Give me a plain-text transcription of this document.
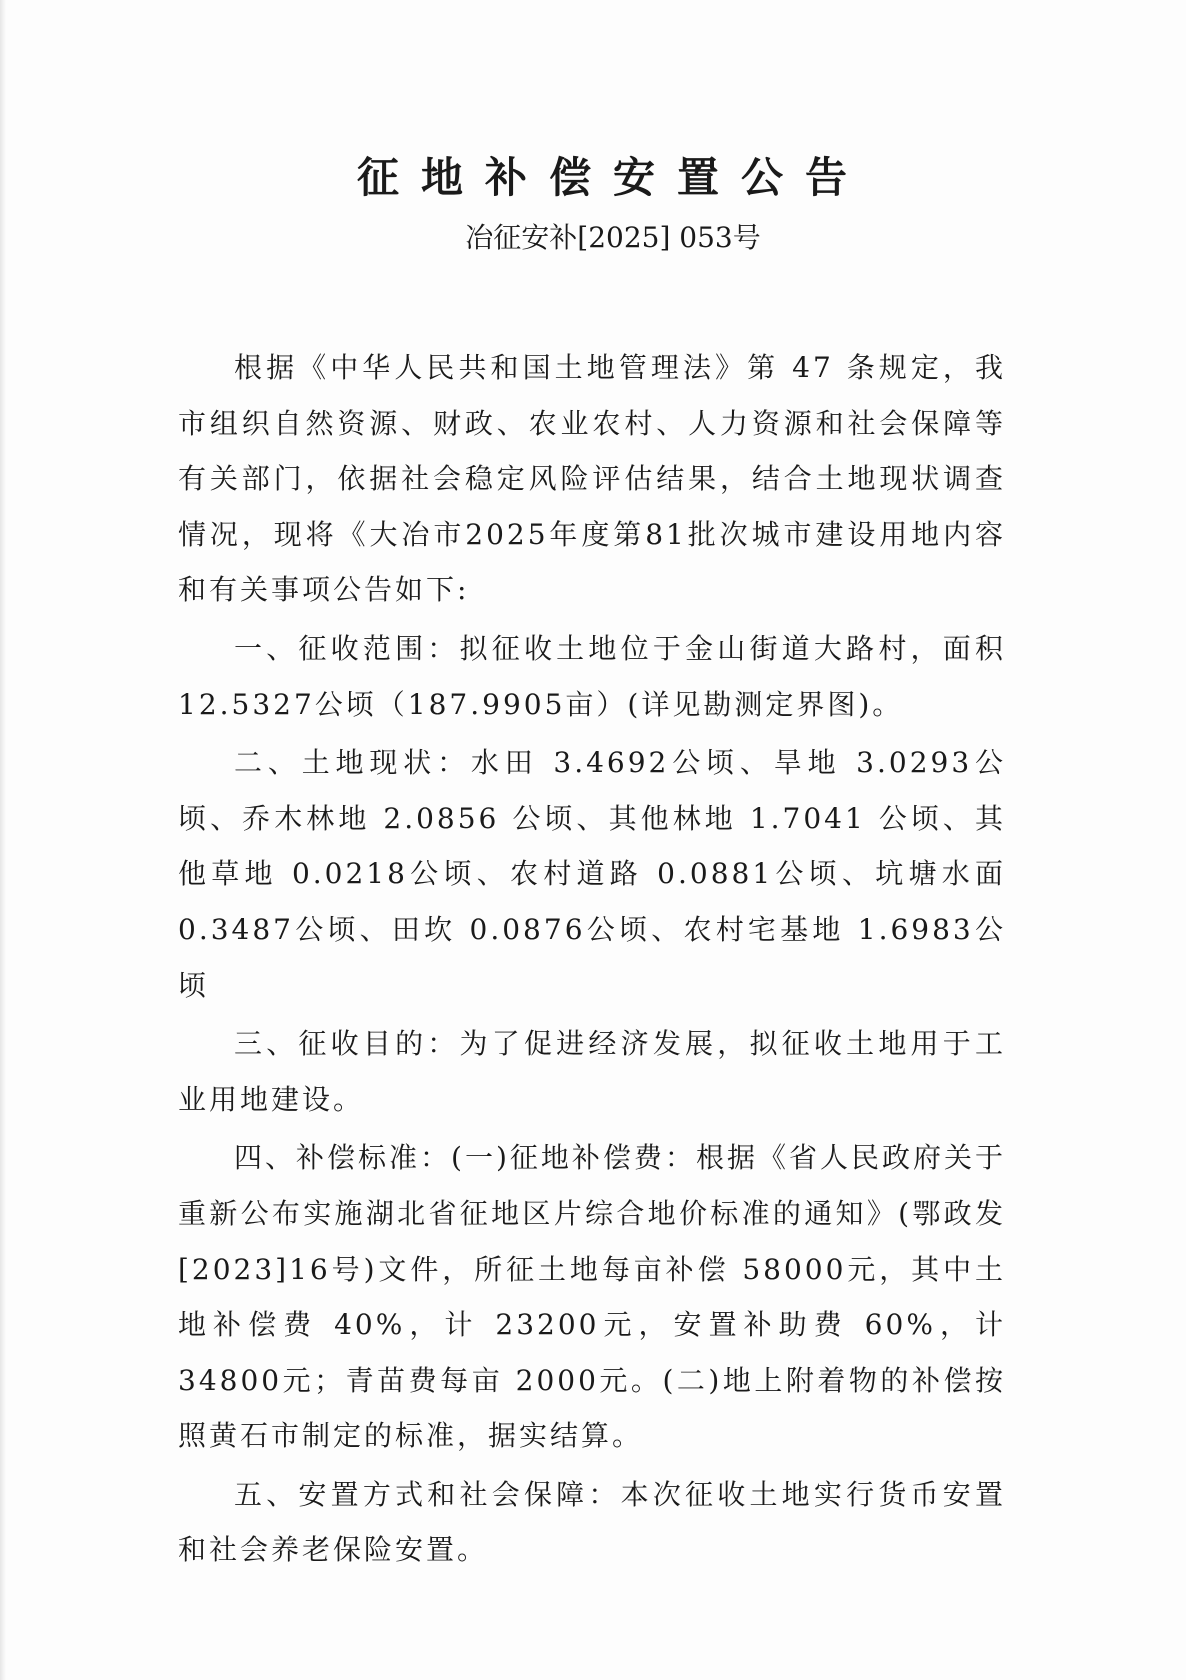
征地补偿安置公告
冶征安补[2025] 053号

根据《中华人民共和国土地管理法》第 47 条规定，我市组织自然资源、财政、农业农村、人力资源和社会保障等有关部门，依据社会稳定风险评估结果，结合土地现状调查情况，现将《大冶市2025年度第81批次城市建设用地内容和有关事项公告如下:

一、征收范围：拟征收土地位于金山街道大路村，面积 12.5327公顷（187.9905亩）(详见勘测定界图)。

二、土地现状：水田 3.4692公顷、旱地 3.0293公顷、乔木林地 2.0856 公顷、其他林地 1.7041 公顷、其他草地 0.0218公顷、农村道路 0.0881公顷、坑塘水面 0.3487公顷、田坎 0.0876公顷、农村宅基地 1.6983公顷

三、征收目的：为了促进经济发展，拟征收土地用于工业用地建设。

四、补偿标准：(一)征地补偿费：根据《省人民政府关于重新公布实施湖北省征地区片综合地价标准的通知》(鄂政发[2023]16号)文件，所征土地每亩补偿 58000元，其中土地补偿费 40%，计 23200元，安置补助费 60%，计 34800元；青苗费每亩 2000元。(二)地上附着物的补偿按照黄石市制定的标准，据实结算。

五、安置方式和社会保障：本次征收土地实行货币安置和社会养老保险安置。
